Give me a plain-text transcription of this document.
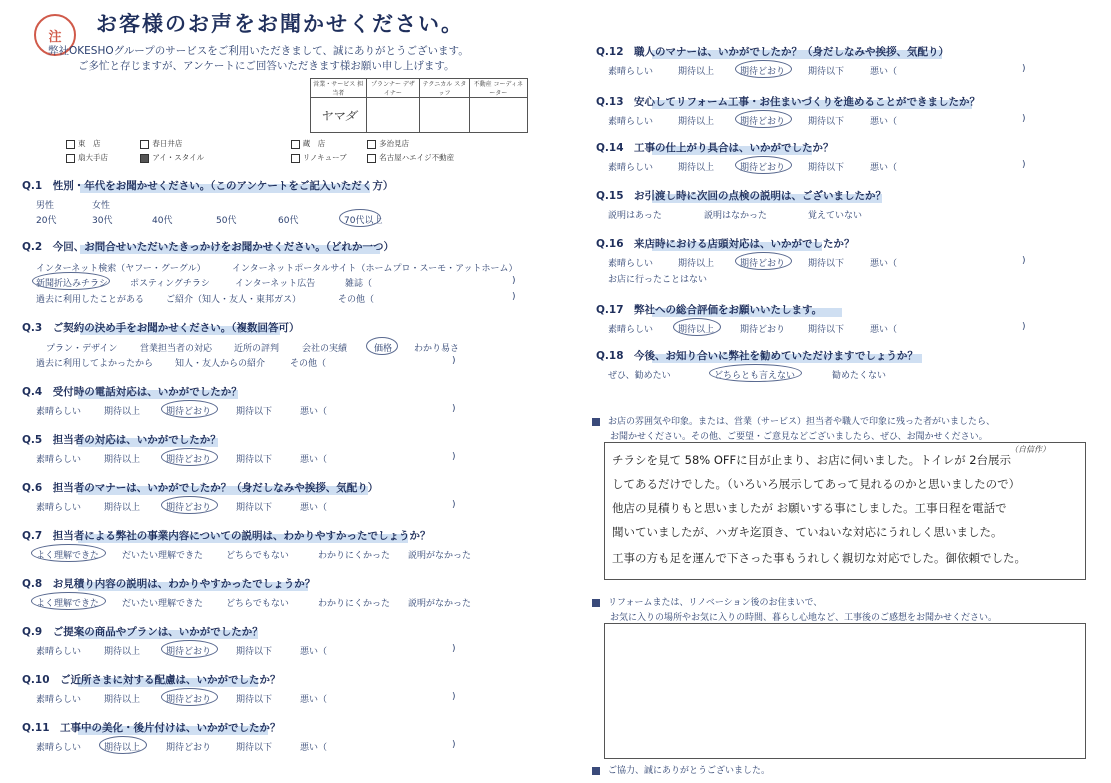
注
お客様のお声をお聞かせください。
弊社OKESHOグループのサービスをご利用いただきまして、誠にありがとうございます。
ご多忙と存じますが、アンケートにご回答いただきます様お願い申し上げます。
営業・サービス 担当者	プランナー デザイナー	テクニカル スタッフ	不動産 コーディネーター
ヤマダ			
東　店	春日井店	蔵　店	多治見店
扇大手店	アイ・スタイル	リノキューブ	名古屋ハエイジ不動産
Q.1　性別・年代をお聞かせください。（このアンケートをご記入いただく方）
男性	女性
20代	30代	40代	50代	60代	70代以上
Q.2　今回、お問合せいただいたきっかけをお聞かせください。（どれか一つ）
インターネット検索（ヤフー・グーグル）	インターネットポータルサイト（ホームプロ・スーモ・アットホーム）
新聞折込みチラシ ポスティングチラシ	インターネット広告	雑誌（	)
過去に利用したことがある ご紹介（知人・友人・東邦ガス）	その他（	)
Q.3　ご契約の決め手をお聞かせください。（複数回答可）
プラン・デザイン	営業担当者の対応 近所の評判	会社の実績	価格 わかり易さ
過去に利用してよかったから 知人・友人からの紹介	その他（	)
Q.4　受付時の電話対応は、いかがでしたか？
素晴らしい	期待以上	期待どおり	期待以下	悪い（	)
Q.5　担当者の対応は、いかがでしたか？
素晴らしい	期待以上	期待どおり	期待以下	悪い（	)
Q.6　担当者のマナーは、いかがでしたか？（身だしなみや挨拶、気配り）
素晴らしい	期待以上	期待どおり	期待以下	悪い（	)
Q.7　担当者による弊社の事業内容についての説明は、わかりやすかったでしょうか？
よく理解できた	だいたい理解できた	どちらでもない	わかりにくかった 説明がなかった
Q.8　お見積り内容の説明は、わかりやすかったでしょうか？
よく理解できた	だいたい理解できた	どちらでもない	わかりにくかった 説明がなかった
Q.9　ご提案の商品やプランは、いかがでしたか？
素晴らしい	期待以上	期待どおり	期待以下	悪い（	)
Q.10　ご近所さまに対する配慮は、いかがでしたか？
素晴らしい	期待以上	期待どおり	期待以下	悪い（	)
Q.11　工事中の美化・後片付けは、いかがでしたか？
素晴らしい	期待以上	期待どおり	期待以下	悪い（	)
Q.12　職人のマナーは、いかがでしたか？（身だしなみや挨拶、気配り）
素晴らしい	期待以上	期待どおり	期待以下	悪い（	)
Q.13　安心してリフォーム工事・お住まいづくりを進めることができましたか？
素晴らしい	期待以上	期待どおり	期待以下	悪い（	)
Q.14　工事の仕上がり具合は、いかがでしたか？
素晴らしい	期待以上	期待どおり	期待以下	悪い（	)
Q.15　お引渡し時に次回の点検の説明は、ございましたか？
説明はあった	説明はなかった	覚えていない
Q.16　来店時における店頭対応は、いかがでしたか？
素晴らしい	期待以上	期待どおり	期待以下	悪い（	)
お店に行ったことはない
Q.17　弊社への総合評価をお願いいたします。
素晴らしい	期待以上	期待どおり	期待以下	悪い（	)
Q.18　今後、お知り合いに弊社を勧めていただけますでしょうか？
ぜひ、勧めたい	どちらとも言えない	勧めたくない
お店の雰囲気や印象。または、営業（サービス）担当者や職人で印象に残った者がいましたら、
お聞かせください。その他、ご要望・ご意見などございましたら、ぜひ、お聞かせください。
チラシを見て 58% OFFに目が止まり、お店に伺いました。トイレが 2台展示
（自信作）
してあるだけでした。（いろいろ展示してあって見れるのかと思いましたので）
他店の見積りもと思いましたが お願いする事にしました。工事日程を電話で
聞いていましたが、ハガキ迄頂き、ていねいな対応にうれしく思いました。
工事の方も足を運んで下さった事もうれしく親切な対応でした。御依頼でした。
リフォームまたは、リノベーション後のお住まいで、
お気に入りの場所やお気に入りの時間、暮らし心地など、工事後のご感想をお聞かせください。
ご協力、誠にありがとうございました。
